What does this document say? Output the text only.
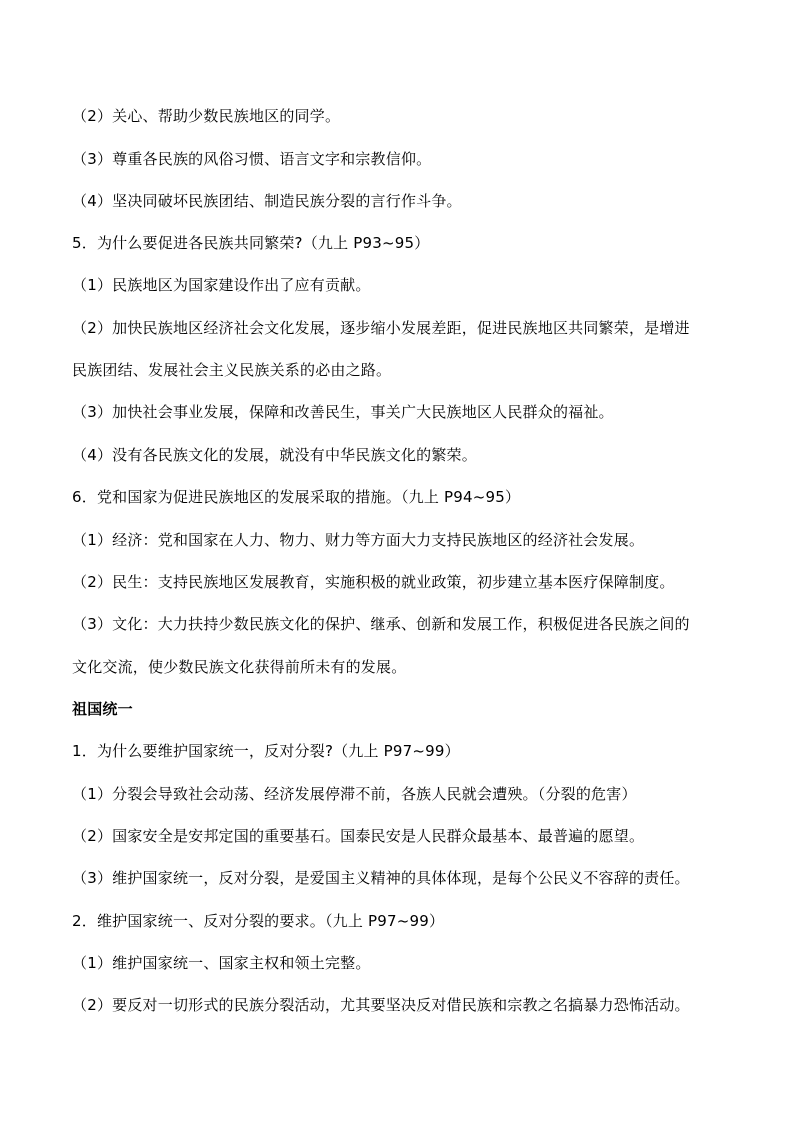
（2）关心、帮助少数民族地区的同学。
（3）尊重各民族的风俗习惯、语言文字和宗教信仰。
（4）坚决同破坏民族团结、制造民族分裂的言行作斗争。
5．为什么要促进各民族共同繁荣?（九上 P93~95）
（1）民族地区为国家建设作出了应有贡献。
（2）加快民族地区经济社会文化发展，逐步缩小发展差距，促进民族地区共同繁荣，是增进
民族团结、发展社会主义民族关系的必由之路。
（3）加快社会事业发展，保障和改善民生，事关广大民族地区人民群众的福祉。
（4）没有各民族文化的发展，就没有中华民族文化的繁荣。
6．党和国家为促进民族地区的发展采取的措施。（九上 P94~95）
（1）经济：党和国家在人力、物力、财力等方面大力支持民族地区的经济社会发展。
（2）民生：支持民族地区发展教育，实施积极的就业政策，初步建立基本医疗保障制度。
（3）文化：大力扶持少数民族文化的保护、继承、创新和发展工作，积极促进各民族之间的
文化交流，使少数民族文化获得前所未有的发展。
祖国统一
1．为什么要维护国家统一，反对分裂?（九上 P97~99）
（1）分裂会导致社会动荡、经济发展停滞不前，各族人民就会遭殃。（分裂的危害）
（2）国家安全是安邦定国的重要基石。国泰民安是人民群众最基本、最普遍的愿望。
（3）维护国家统一，反对分裂，是爱国主义精神的具体体现，是每个公民义不容辞的责任。
2．维护国家统一、反对分裂的要求。（九上 P97~99）
（1）维护国家统一、国家主权和领土完整。
（2）要反对一切形式的民族分裂活动，尤其要坚决反对借民族和宗教之名搞暴力恐怖活动。
